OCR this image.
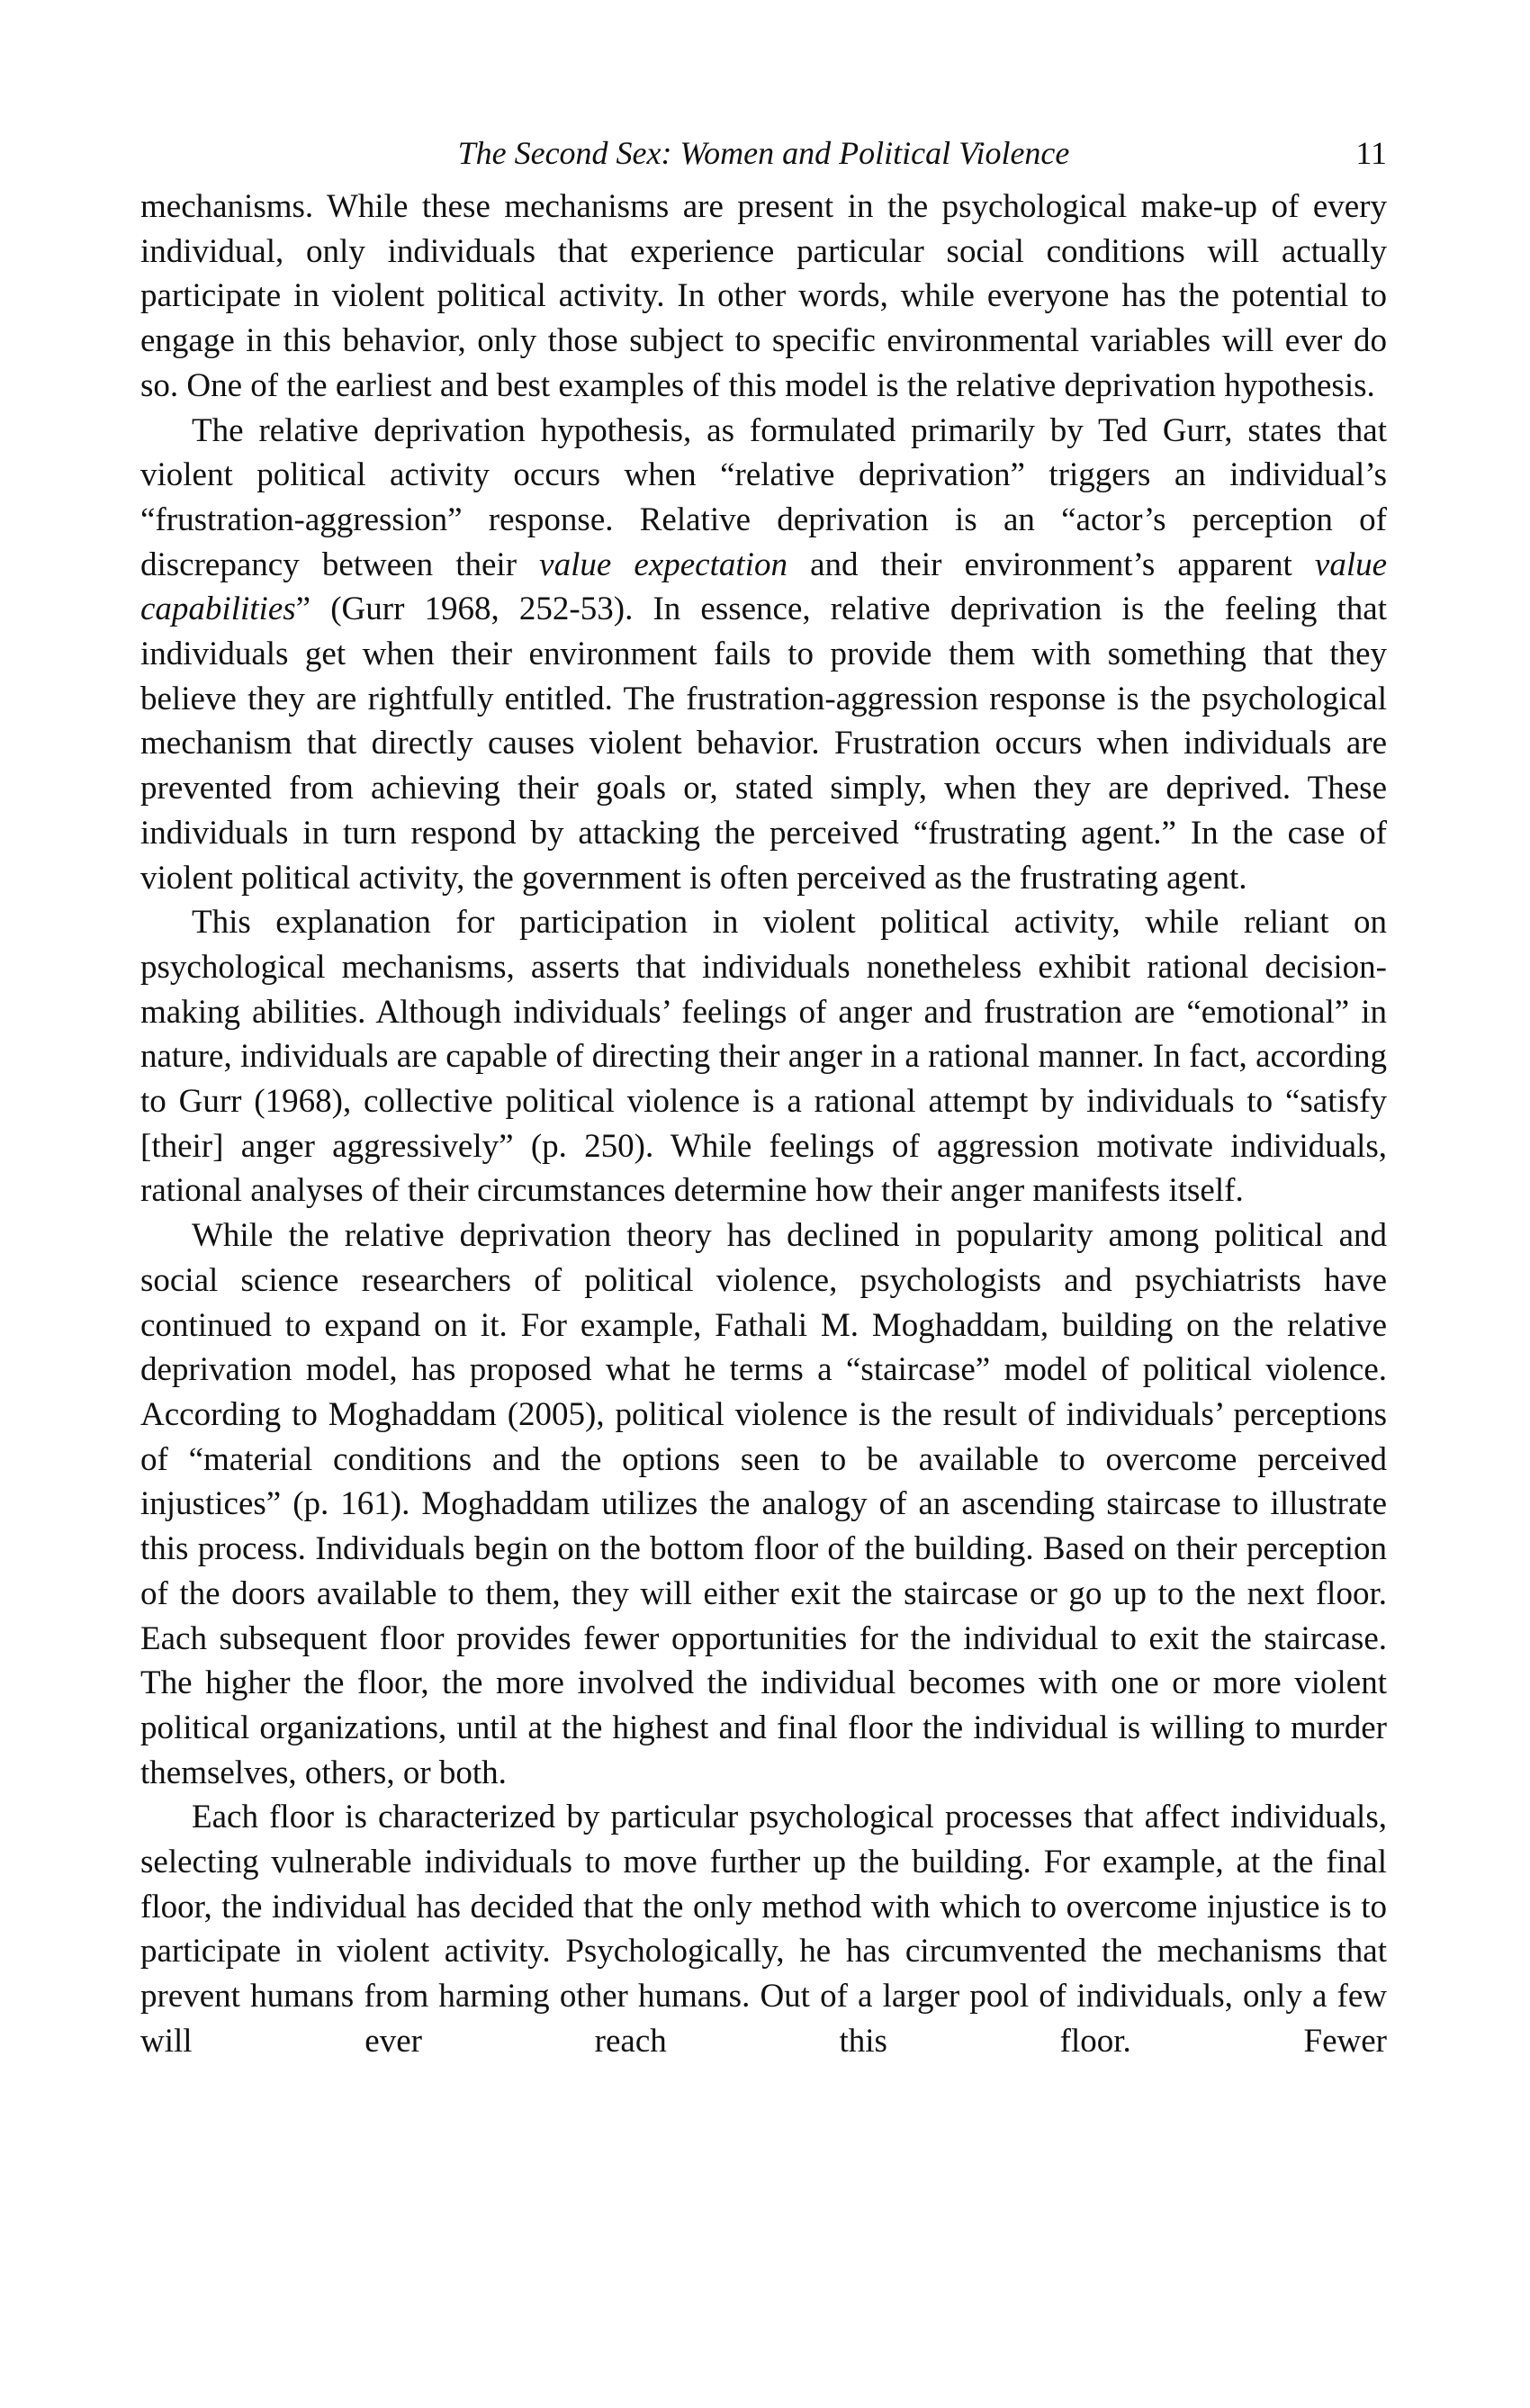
The Second Sex: Women and Political Violence	11

mechanisms. While these mechanisms are present in the psychological make-up of every individual, only individuals that experience particular social conditions will actually participate in violent political activity. In other words, while everyone has the potential to engage in this behavior, only those subject to specific environmental variables will ever do so. One of the earliest and best examples of this model is the relative deprivation hypothesis.

The relative deprivation hypothesis, as formulated primarily by Ted Gurr, states that violent political activity occurs when “relative deprivation” triggers an individual’s “frustration-aggression” response. Relative deprivation is an “actor’s perception of discrepancy between their value expectation and their environment’s apparent value capabilities” (Gurr 1968, 252-53). In essence, relative deprivation is the feeling that individuals get when their environment fails to provide them with something that they believe they are rightfully entitled. The frustration-aggression response is the psychological mechanism that directly causes violent behavior. Frustration occurs when individuals are prevented from achieving their goals or, stated simply, when they are deprived. These individuals in turn respond by attacking the perceived “frustrating agent.” In the case of violent political activity, the government is often perceived as the frustrating agent.

This explanation for participation in violent political activity, while reliant on psychological mechanisms, asserts that individuals nonetheless exhibit rational decision-making abilities. Although individuals’ feelings of anger and frustration are “emotional” in nature, individuals are capable of directing their anger in a rational manner. In fact, according to Gurr (1968), collective political violence is a rational attempt by individuals to “satisfy [their] anger aggressively” (p. 250). While feelings of aggression motivate individuals, rational analyses of their circumstances determine how their anger manifests itself.

While the relative deprivation theory has declined in popularity among political and social science researchers of political violence, psychologists and psychiatrists have continued to expand on it. For example, Fathali M. Moghaddam, building on the relative deprivation model, has proposed what he terms a “staircase” model of political violence. According to Moghaddam (2005), political violence is the result of individuals’ perceptions of “material conditions and the options seen to be available to overcome perceived injustices” (p. 161). Moghaddam utilizes the analogy of an ascending staircase to illustrate this process. Individuals begin on the bottom floor of the building. Based on their perception of the doors available to them, they will either exit the staircase or go up to the next floor. Each subsequent floor provides fewer opportunities for the individual to exit the staircase. The higher the floor, the more involved the individual becomes with one or more violent political organizations, until at the highest and final floor the individual is willing to murder themselves, others, or both.

Each floor is characterized by particular psychological processes that affect individuals, selecting vulnerable individuals to move further up the building. For example, at the final floor, the individual has decided that the only method with which to overcome injustice is to participate in violent activity. Psychologically, he has circumvented the mechanisms that prevent humans from harming other humans. Out of a larger pool of individuals, only a few will ever reach this floor. Fewer
